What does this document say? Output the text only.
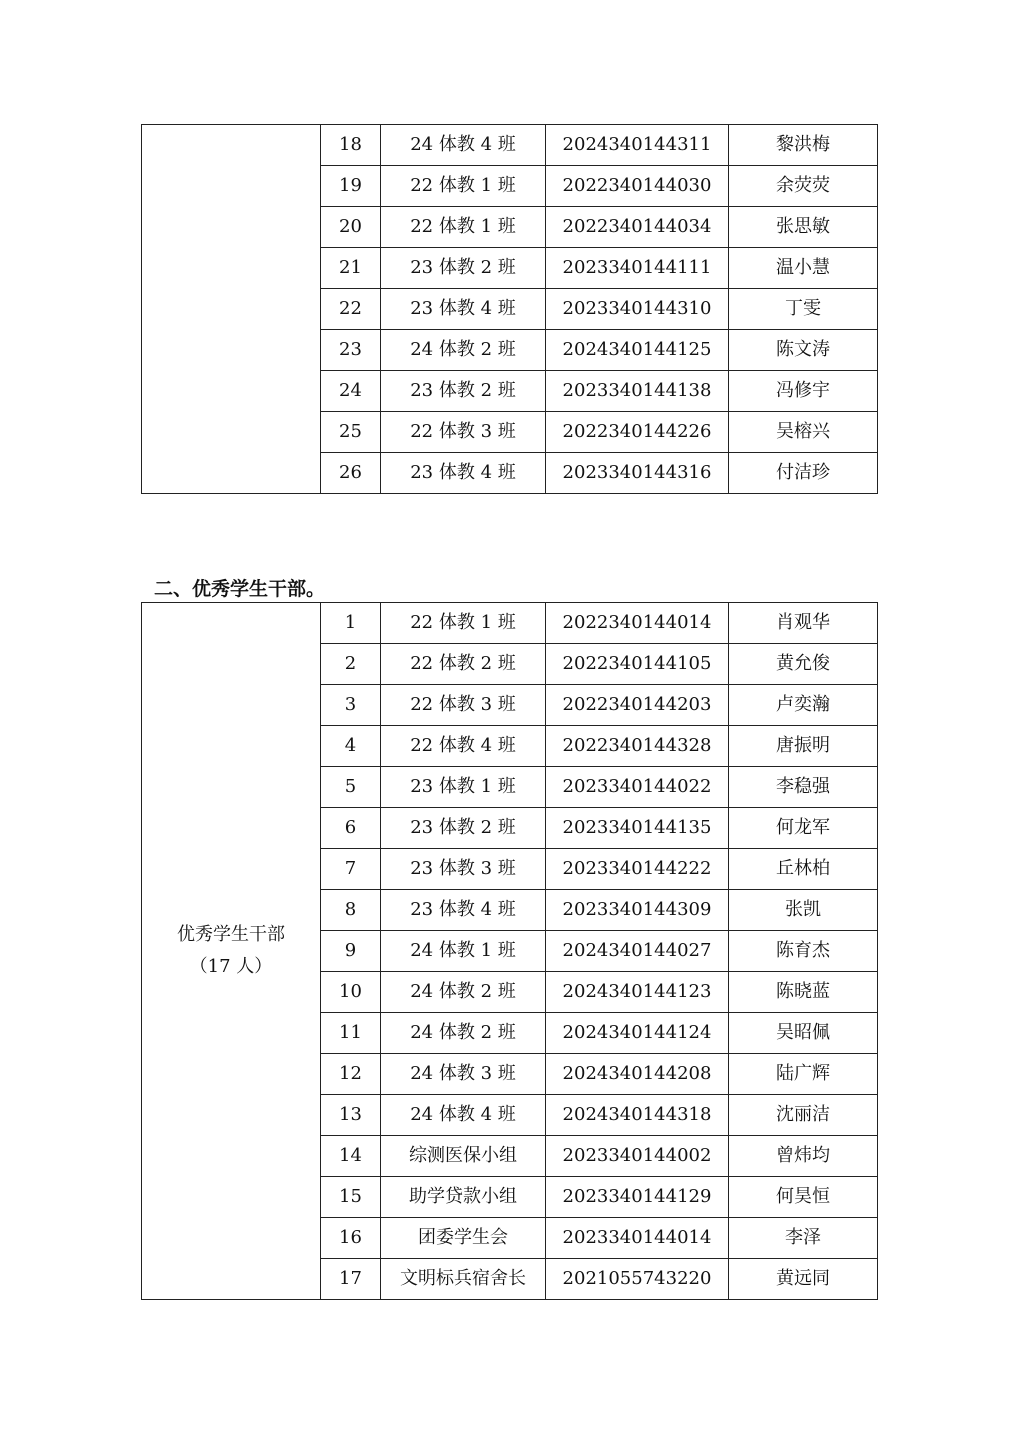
	18	24 体教 4 班	2024340144311	黎洪梅
	19	22 体教 1 班	2022340144030	余荧荧
	20	22 体教 1 班	2022340144034	张思敏
	21	23 体教 2 班	2023340144111	温小慧
	22	23 体教 4 班	2023340144310	丁雯
	23	24 体教 2 班	2024340144125	陈文涛
	24	23 体教 2 班	2023340144138	冯修宇
	25	22 体教 3 班	2022340144226	吴榕兴
	26	23 体教 4 班	2023340144316	付洁珍
二、优秀学生干部。
优秀学生干部
（17 人）	1	22 体教 1 班	2022340144014	肖观华
	2	22 体教 2 班	2022340144105	黄允俊
	3	22 体教 3 班	2022340144203	卢奕瀚
	4	22 体教 4 班	2022340144328	唐振明
	5	23 体教 1 班	2023340144022	李稳强
	6	23 体教 2 班	2023340144135	何龙军
	7	23 体教 3 班	2023340144222	丘林柏
	8	23 体教 4 班	2023340144309	张凯
	9	24 体教 1 班	2024340144027	陈育杰
	10	24 体教 2 班	2024340144123	陈晓蓝
	11	24 体教 2 班	2024340144124	吴昭佩
	12	24 体教 3 班	2024340144208	陆广辉
	13	24 体教 4 班	2024340144318	沈丽洁
	14	综测医保小组	2023340144002	曾炜均
	15	助学贷款小组	2023340144129	何昊恒
	16	团委学生会	2023340144014	李泽
	17	文明标兵宿舍长	2021055743220	黄远同
